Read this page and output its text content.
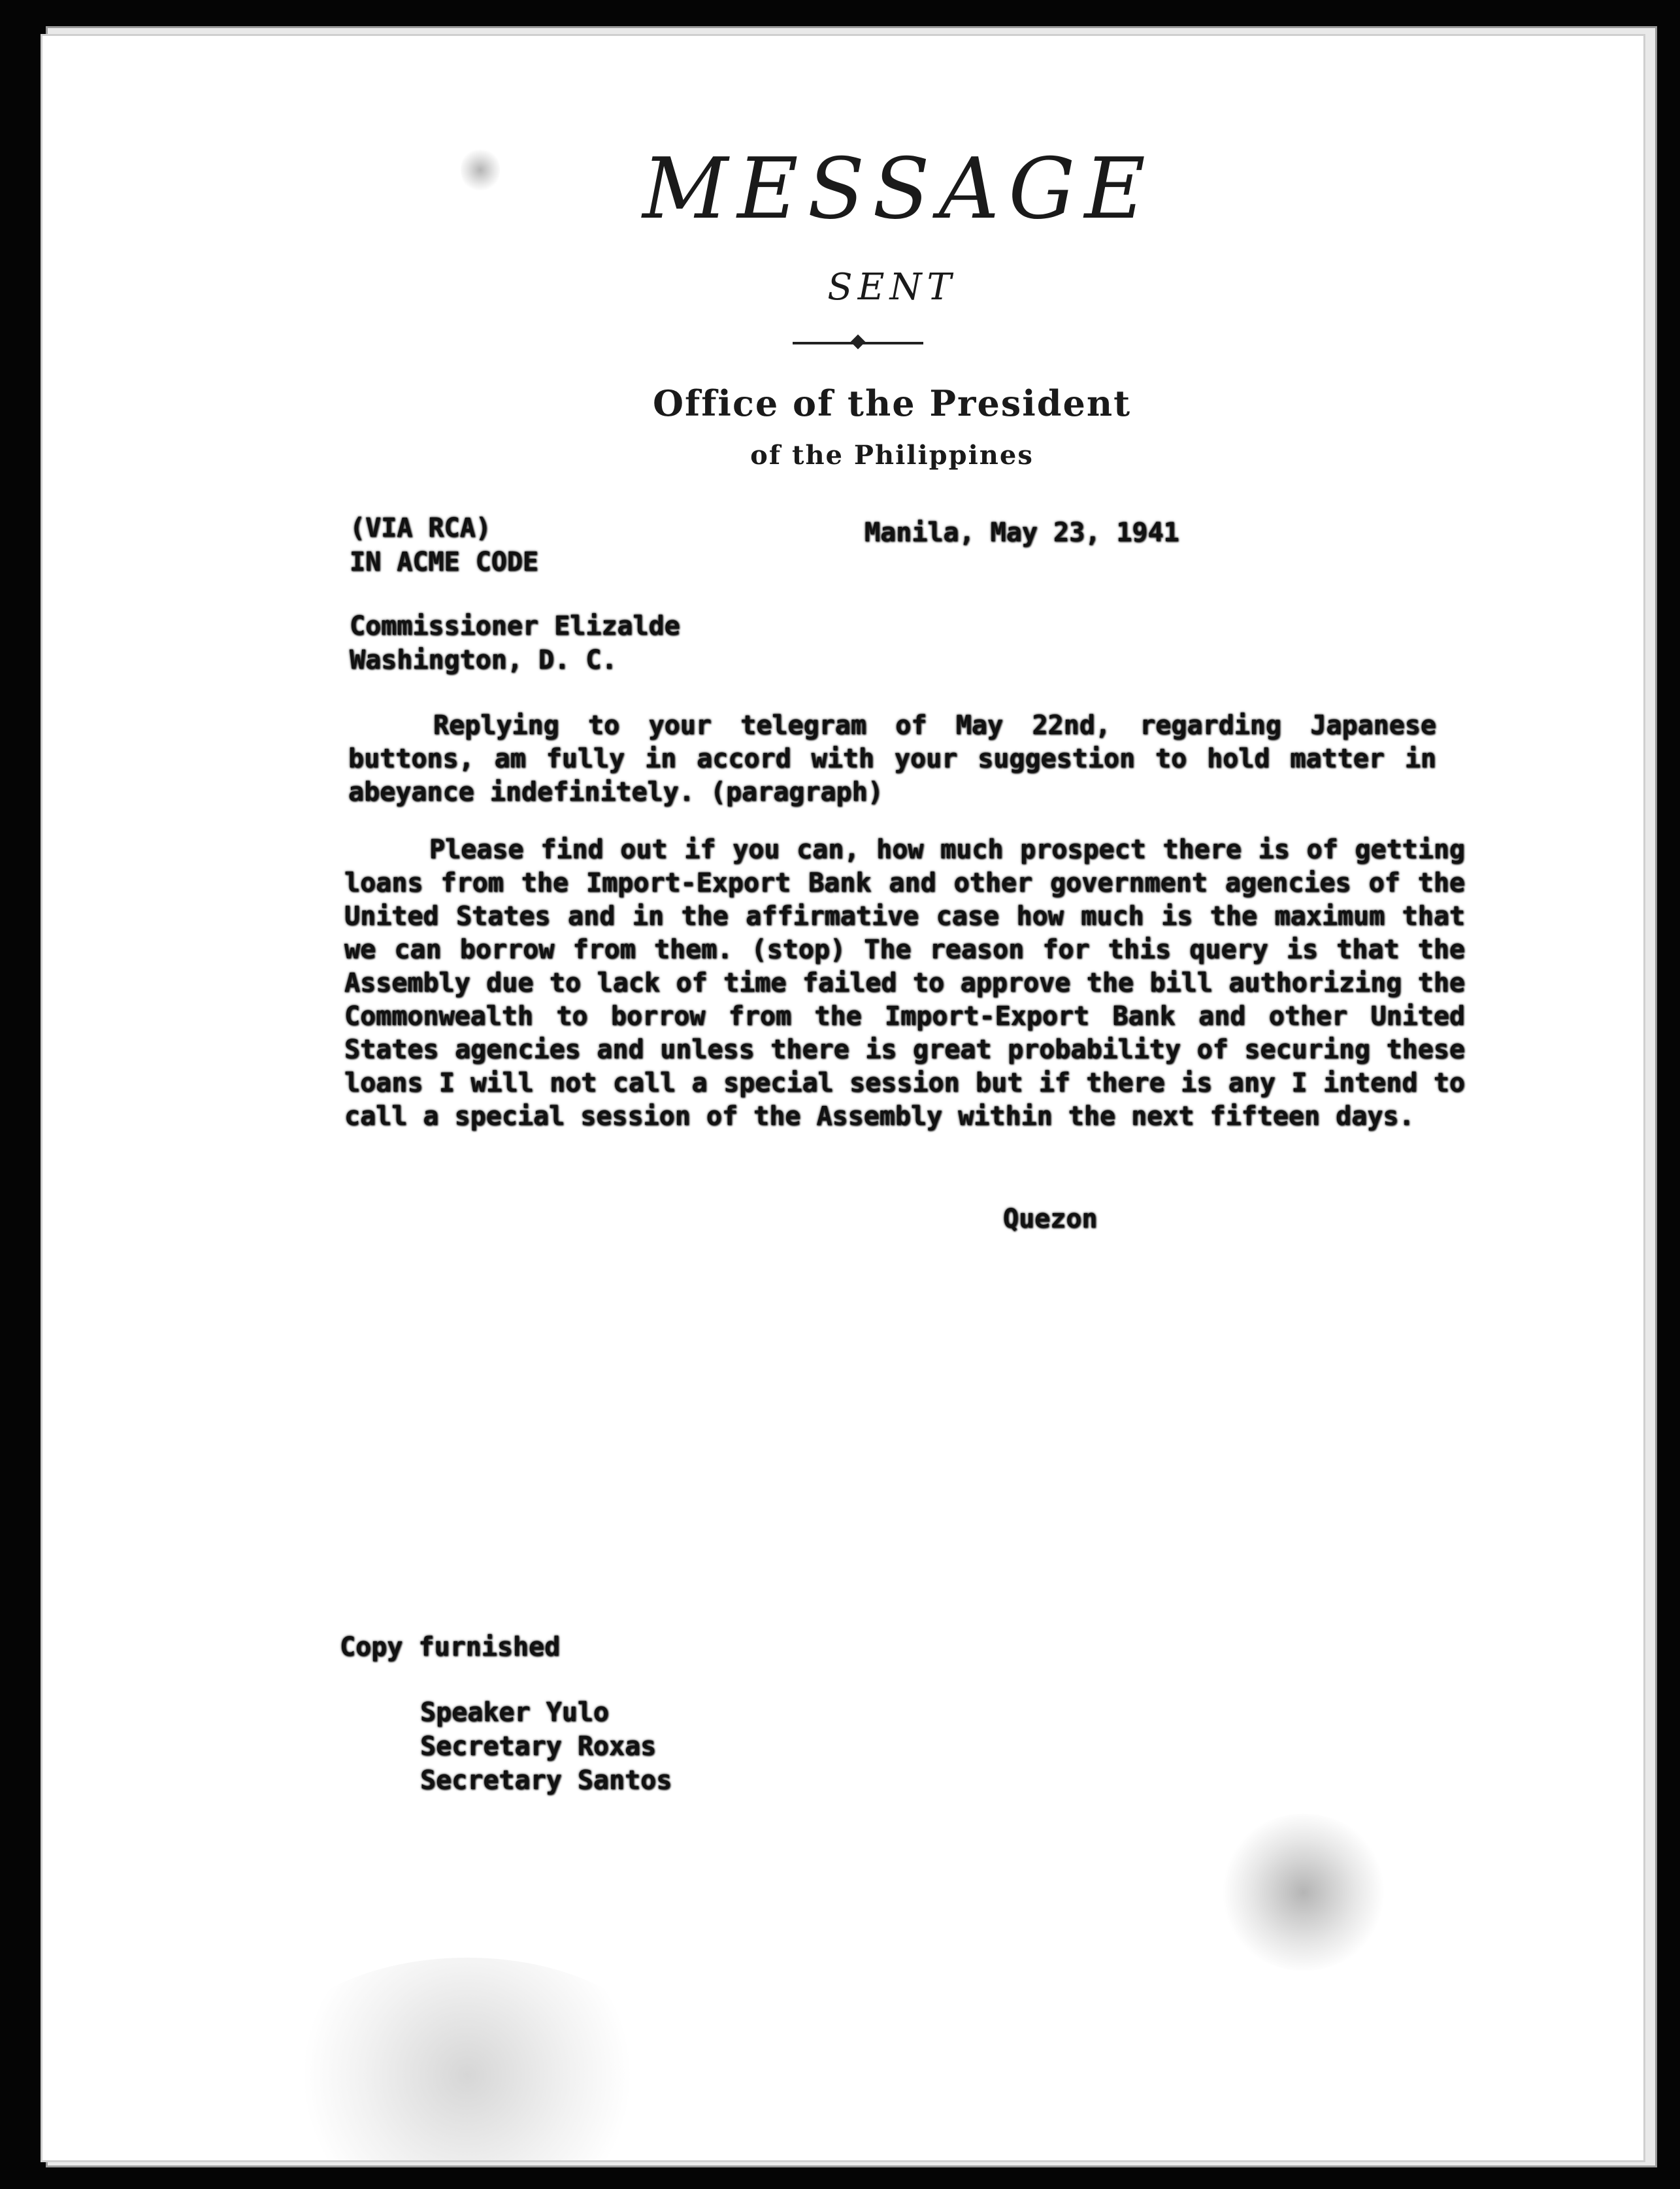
MESSAGE
SENT
Office of the President
of the Philippines
(VIA RCA)
IN ACME CODE
Manila, May 23, 1941
Commissioner Elizalde
Washington, D. C.
Replying to your telegram of May 22nd, regarding Japanese buttons, am fully in accord with your suggestion to hold matter in abeyance indefinitely. (paragraph)
Please find out if you can, how much prospect there is of getting loans from the Import-Export Bank and other government agencies of the United States and in the affirmative case how much is the maximum that we can borrow from them. (stop) The reason for this query is that the Assembly due to lack of time failed to approve the bill authorizing the Commonwealth to borrow from the Import-Export Bank and other United States agencies and unless there is great probability of securing these loans I will not call a special session but if there is any I intend to call a special session of the Assembly within the next fifteen days.
Quezon
Copy furnished
Speaker Yulo
Secretary Roxas
Secretary Santos
